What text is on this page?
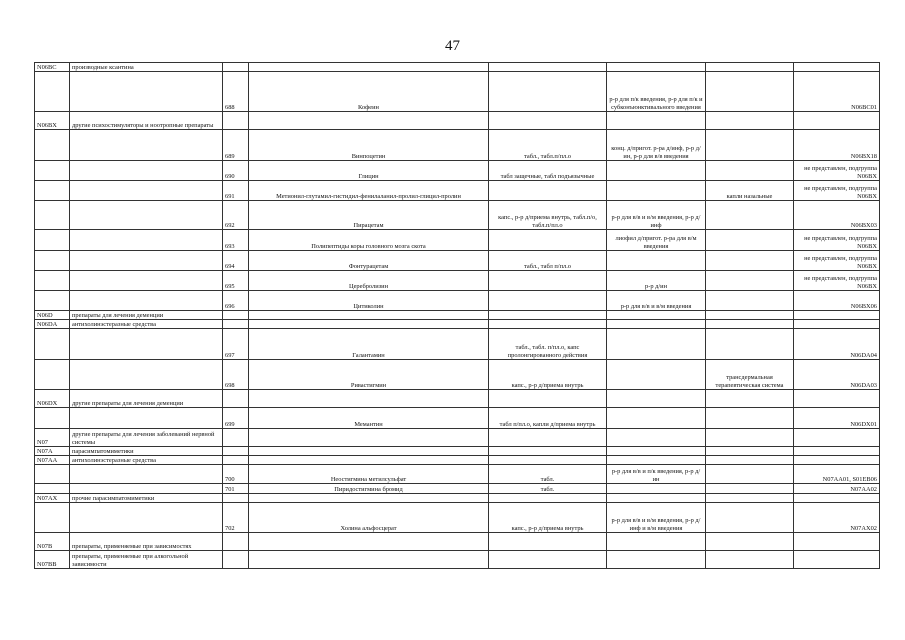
47
N06BC	производные ксантина						
		688	Кофеин		р-р для п/к введения, р-р для п/к и субконъюнктивального введения		N06BC01
N06BX	другие психостимуляторы и ноотропные препараты						
		689	Винпоцетин	табл., табл.п/пл.о	конц. д/пригот. р-ра д/инф, р-р д/ин, р-р для в/в введения		N06BX18
		690	Глицин	табл защечные, табл подъязычные			не представлен, подгруппа N06BX
		691	Метионил-глутамил-гистидил-фенилаланил-пролил-глицил-пролин			капли назальные	не представлен, подгруппа N06BX
		692	Пирацетам	капс., р-р д/приема внутрь, табл.п/о, табл.п/пл.о	р-р для в/в и в/м введения, р-р д/инф		N06BX03
		693	Полипептиды коры головного мозга скота		лиофил д/пригот. р-ра для в/м введения		не представлен, подгруппа N06BX
		694	Фонтурацетам	табл., табл п/пл.о			не представлен, подгруппа N06BX
		695	Церебролизин		р-р д/ин		не представлен, подгруппа N06BX
		696	Цитиколин		р-р для в/в и в/м введения		N06BX06
N06D	препараты для лечения деменции						
N06DA	антихолинэстеразные средства						
		697	Галантамин	табл., табл. п/пл.о, капс пролонгированного действия			N06DA04
		698	Ривастигмин	капс., р-р д/приема внутрь		трансдермальная терапевтическая система	N06DA03
N06DX	другие препараты для лечения деменции						
		699	Мемантин	табл п/пл.о, капли д/приема внутрь			N06DX01
N07	другие препараты для лечения заболеваний нервной системы						
N07A	парасимпатомиметики						
N07AA	антихолинэстеразные средства						
		700	Неостигмина метилсульфат	табл.	р-р для в/в и п/к введения, р-р д/ин		N07AA01, S01EB06
		701	Пиридостигмина бромид	табл.			N07AA02
N07AX	прочие парасимпатомиметики						
		702	Холина альфосцерат	капс., р-р д/приема внутрь	р-р для в/в и в/м введения, р-р д/инф и в/м введения		N07AX02
N07B	препараты, применяемые при зависимостях						
N07BB	препараты, применяемые при алкогольной зависимости						
